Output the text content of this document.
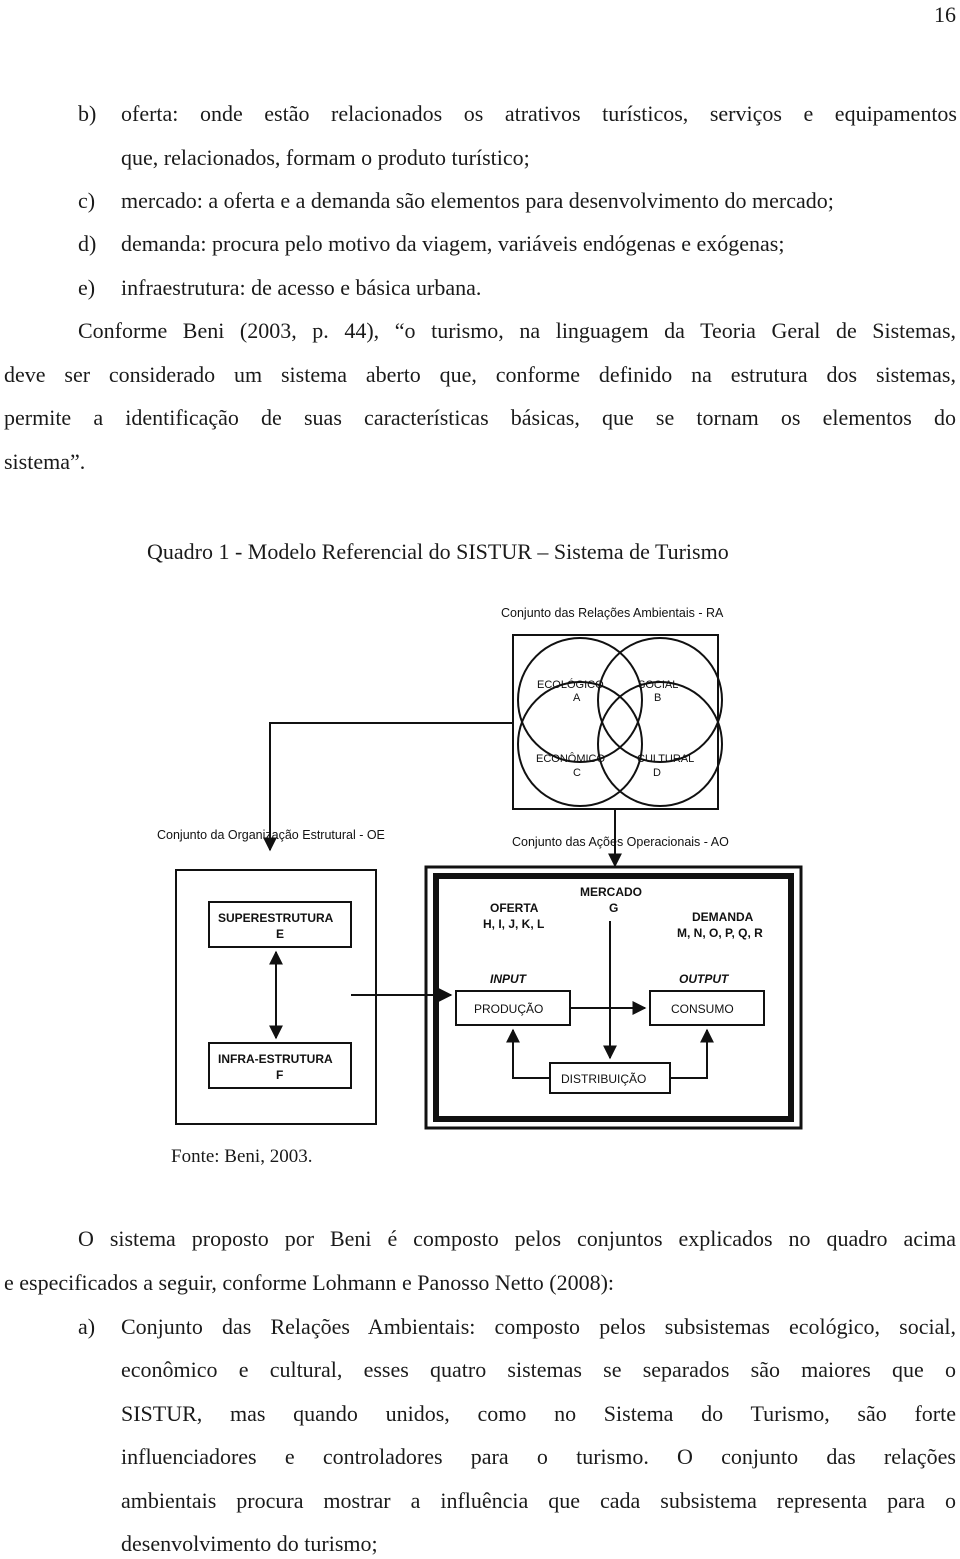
16
b) oferta: onde estão relacionados os atrativos turísticos, serviços e equipamentos
que, relacionados, formam o produto turístico;
c) mercado: a oferta e a demanda são elementos para desenvolvimento do mercado;
d) demanda: procura pelo motivo da viagem, variáveis endógenas e exógenas;
e) infraestrutura: de acesso e básica urbana.
Conforme Beni (2003, p. 44), “o turismo, na linguagem da Teoria Geral de Sistemas,
deve ser considerado um sistema aberto que, conforme definido na estrutura dos sistemas,
permite a identificação de suas características básicas, que se tornam os elementos do
sistema”.
Quadro 1 - Modelo Referencial do SISTUR – Sistema de Turismo
Conjunto das Relações Ambientais - RA
ECOLÓGICO
A
SOCIAL
B
ECONÔMICO
C
CULTURAL
D
Conjunto da Organização Estrutural - OE
SUPERESTRUTURA
E
INFRA-ESTRUTURA
F
Conjunto das Ações Operacionais - AO
MERCADO
G
OFERTA
H, I, J, K, L	DEMANDA
M, N, O, P, Q, R
INPUT	OUTPUT
PRODUÇÃO	CONSUMO
DISTRIBUIÇÃO
Fonte: Beni, 2003.
O sistema proposto por Beni é composto pelos conjuntos explicados no quadro acima
e especificados a seguir, conforme Lohmann e Panosso Netto (2008):
a) Conjunto das Relações Ambientais: composto pelos subsistemas ecológico, social,
econômico e cultural, esses quatro sistemas se separados são maiores que o
SISTUR, mas quando unidos, como no Sistema do Turismo, são forte
influenciadores e controladores para o turismo. O conjunto das relações
ambientais procura mostrar a influência que cada subsistema representa para o
desenvolvimento do turismo;
